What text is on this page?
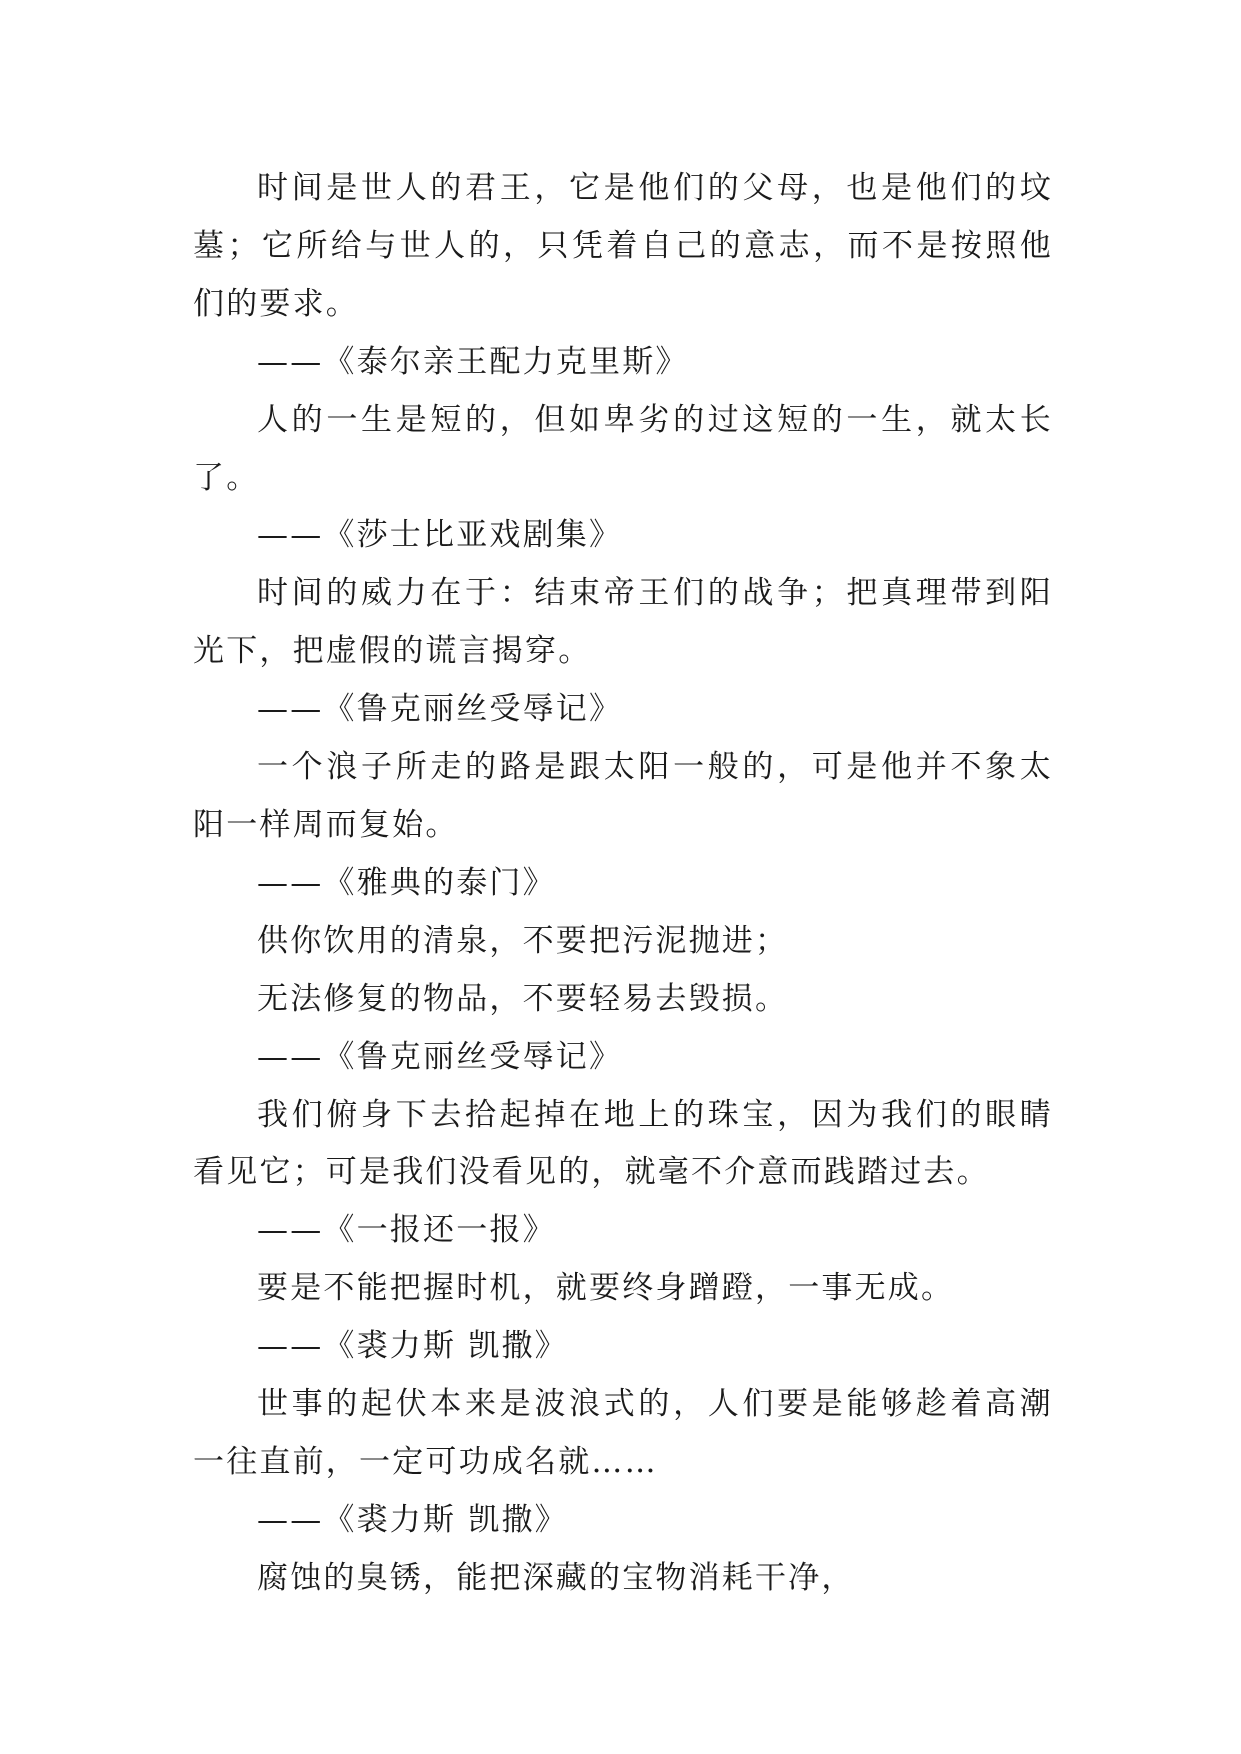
时间是世人的君王，它是他们的父母，也是他们的坟墓；它所给与世人的，只凭着自己的意志，而不是按照他们的要求。

——《泰尔亲王配力克里斯》

人的一生是短的，但如卑劣的过这短的一生，就太长了。

——《莎士比亚戏剧集》

时间的威力在于：结束帝王们的战争；把真理带到阳光下，把虚假的谎言揭穿。

——《鲁克丽丝受辱记》

一个浪子所走的路是跟太阳一般的，可是他并不象太阳一样周而复始。

——《雅典的泰门》

供你饮用的清泉，不要把污泥抛进；

无法修复的物品，不要轻易去毁损。

——《鲁克丽丝受辱记》

我们俯身下去拾起掉在地上的珠宝，因为我们的眼睛看见它；可是我们没看见的，就毫不介意而践踏过去。

——《一报还一报》

要是不能把握时机，就要终身蹭蹬，一事无成。

——《裘力斯 凯撒》

世事的起伏本来是波浪式的，人们要是能够趁着高潮一往直前，一定可功成名就……

——《裘力斯 凯撒》

腐蚀的臭锈，能把深藏的宝物消耗干净，
